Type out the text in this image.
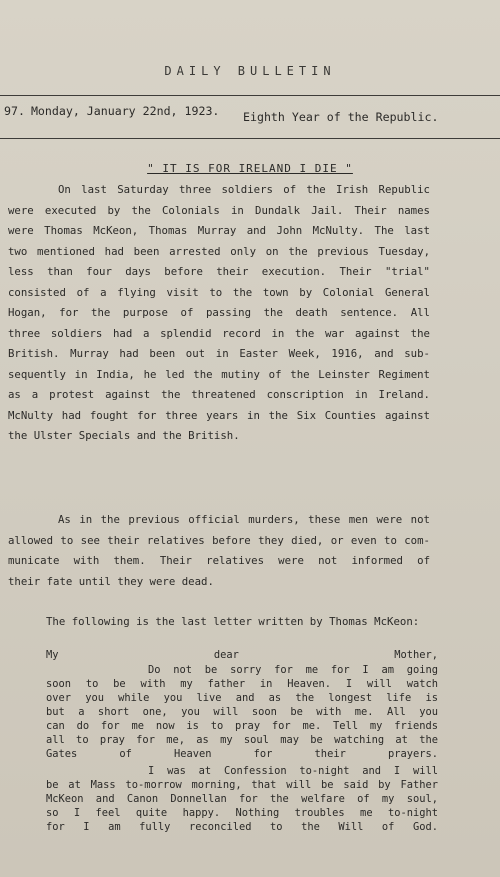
DAILY BULLETIN
97. Monday, January 22nd, 1923. Eighth Year of the Republic.
" IT IS FOR IRELAND I DIE "
On last Saturday three soldiers of the Irish Republic
were executed by the Colonials in Dundalk Jail. Their names
were Thomas McKeon, Thomas Murray and John McNulty. The last
two mentioned had been arrested only on the previous Tuesday,
less than four days before their execution. Their "trial"
consisted of a flying visit to the town by Colonial General
Hogan, for the purpose of passing the death sentence. All
three soldiers had a splendid record in the war against the
British. Murray had been out in Easter Week, 1916, and sub-
sequently in India, he led the mutiny of the Leinster Regiment
as a protest against the threatened conscription in Ireland.
McNulty had fought for three years in the Six Counties against
the Ulster Specials and the British.
As in the previous official murders, these men were not
allowed to see their relatives before they died, or even to com-
municate with them. Their relatives were not informed of
their fate until they were dead.
The following is the last letter written by Thomas McKeon:
My dear Mother,
Do not be sorry for me for I am going
soon to be with my father in Heaven. I will watch
over you while you live and as the longest life is
but a short one, you will soon be with me. All you
can do for me now is to pray for me. Tell my friends
all to pray for me, as my soul may be watching at the
Gates of Heaven for their prayers.
I was at Confession to-night and I will
be at Mass to-morrow morning, that will be said by Father
McKeon and Canon Donnellan for the welfare of my soul,
so I feel quite happy. Nothing troubles me to-night
for I am fully reconciled to the Will of God.
